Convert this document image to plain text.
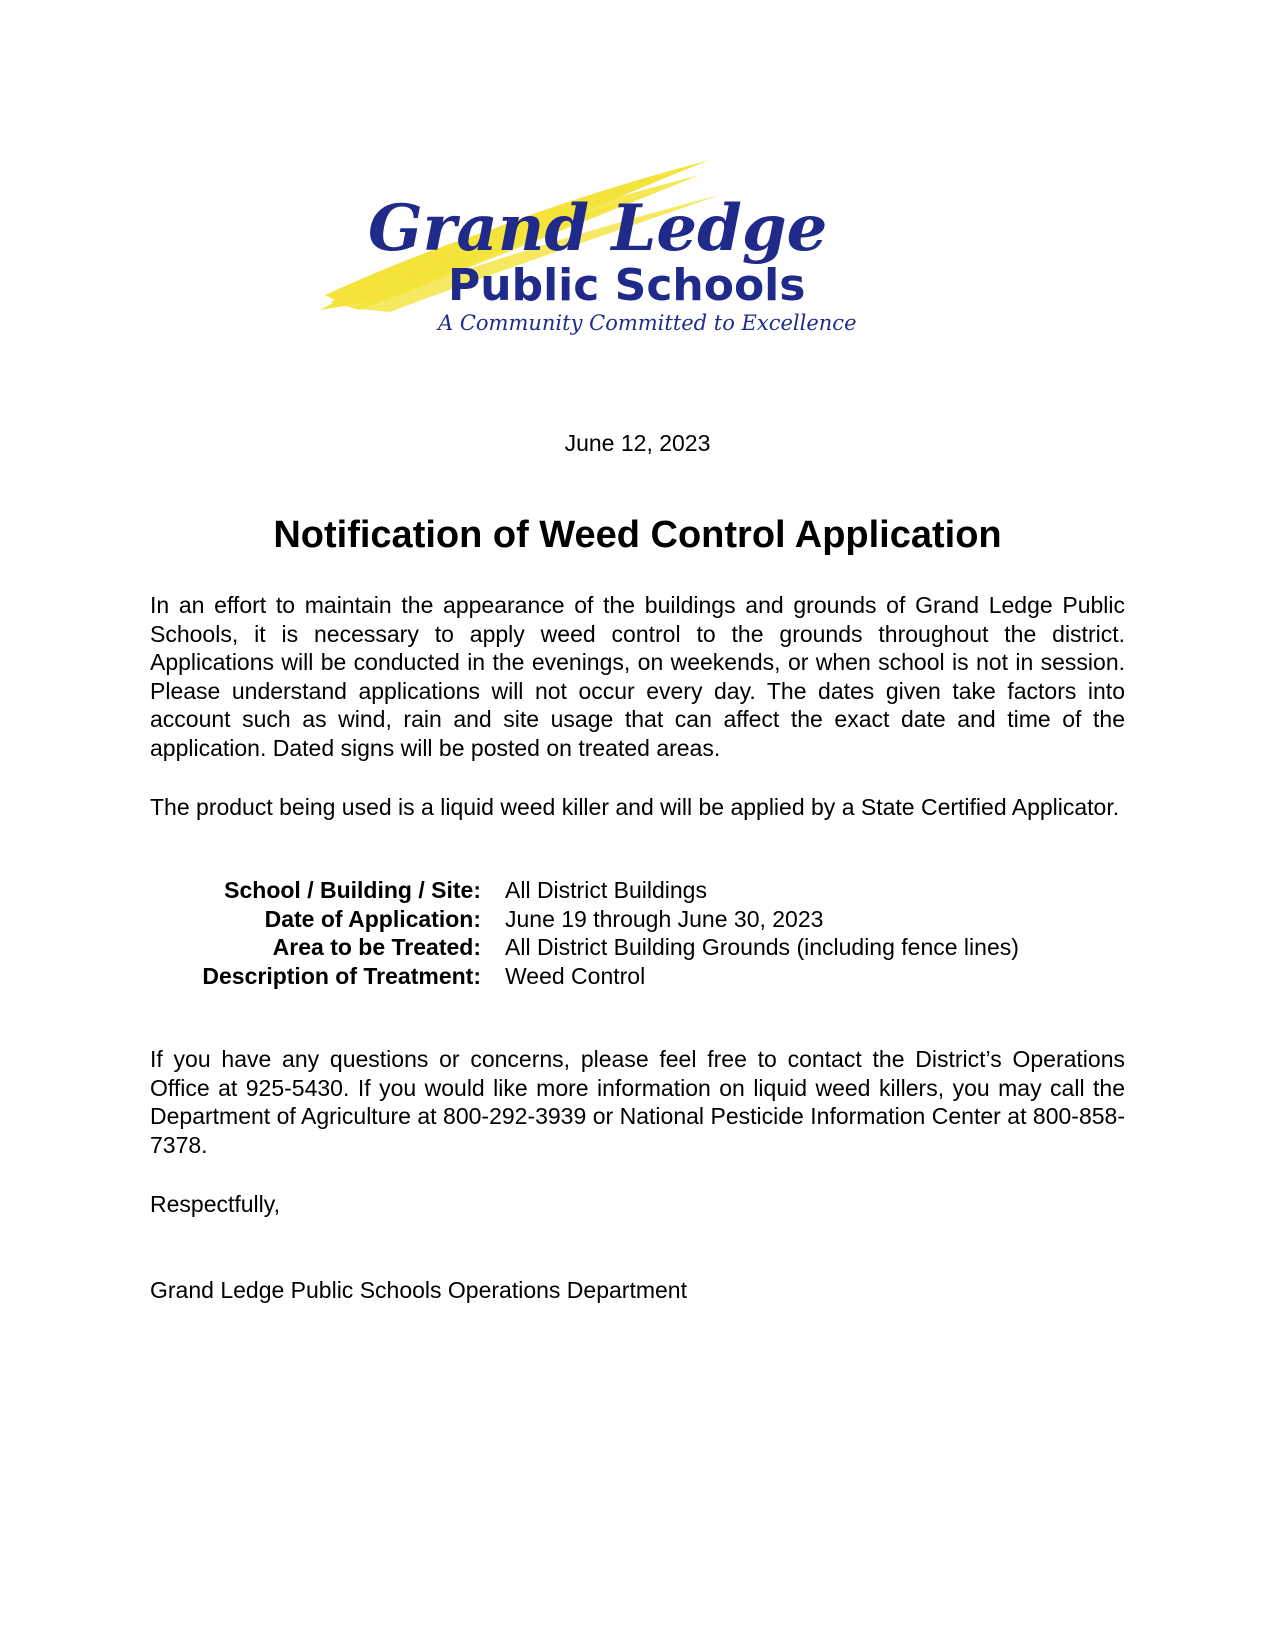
Grand Ledge
Public Schools
A Community Committed to Excellence
June 12, 2023
Notification of Weed Control Application

In an effort to maintain the appearance of the buildings and grounds of Grand Ledge Public Schools, it is necessary to apply weed control to the grounds throughout the district. Applications will be conducted in the evenings, on weekends, or when school is not in session. Please understand applications will not occur every day. The dates given take factors into account such as wind, rain and site usage that can affect the exact date and time of the application. Dated signs will be posted on treated areas.

The product being used is a liquid weed killer and will be applied by a State Certified Applicator.

School / Building / Site:	All District Buildings
Date of Application:	June 19 through June 30, 2023
Area to be Treated:	All District Building Grounds (including fence lines)
Description of Treatment:	Weed Control

If you have any questions or concerns, please feel free to contact the District’s Operations Office at 925-5430. If you would like more information on liquid weed killers, you may call the Department of Agriculture at 800-292-3939 or National Pesticide Information Center at 800-858-7378.

Respectfully,
Grand Ledge Public Schools Operations Department
